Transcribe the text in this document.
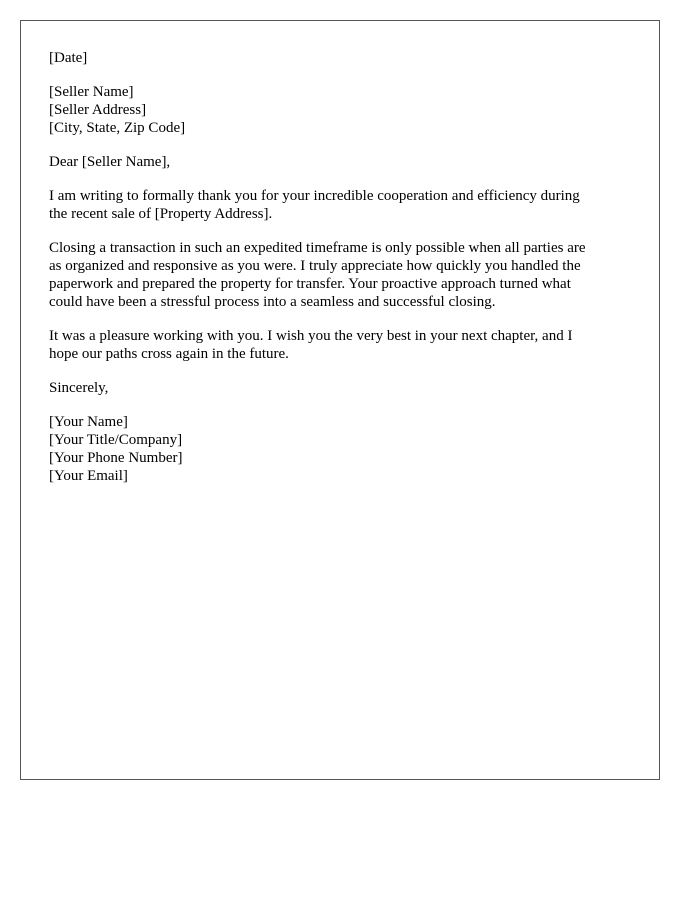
[Date]
[Seller Name]
[Seller Address]
[City, State, Zip Code]
Dear [Seller Name],

I am writing to formally thank you for your incredible cooperation and efficiency during
the recent sale of [Property Address].

Closing a transaction in such an expedited timeframe is only possible when all parties are
as organized and responsive as you were. I truly appreciate how quickly you handled the
paperwork and prepared the property for transfer. Your proactive approach turned what
could have been a stressful process into a seamless and successful closing.

It was a pleasure working with you. I wish you the very best in your next chapter, and I
hope our paths cross again in the future.

Sincerely,
[Your Name]
[Your Title/Company]
[Your Phone Number]
[Your Email]
